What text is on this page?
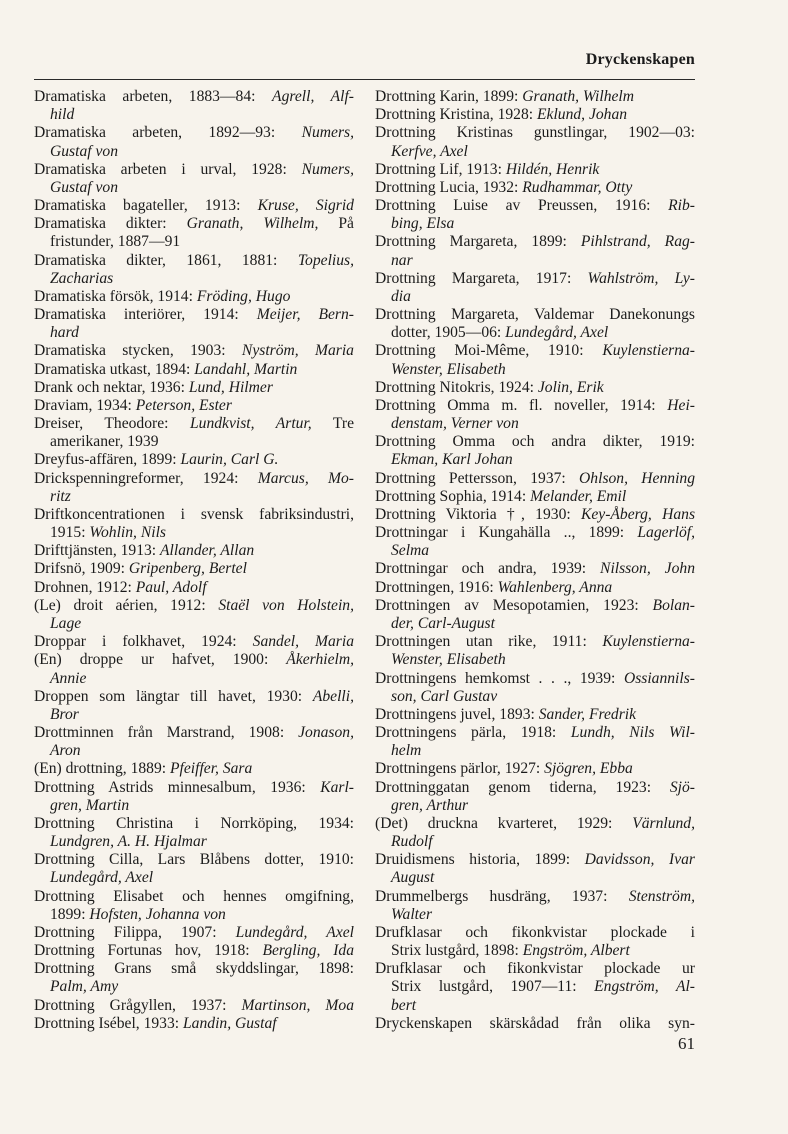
Dryckenskapen
Dramatiska arbeten, 1883—84: Agrell, Alf-
hild
Dramatiska arbeten, 1892—93: Numers,
Gustaf von
Dramatiska arbeten i urval, 1928: Numers,
Gustaf von
Dramatiska bagateller, 1913: Kruse, Sigrid
Dramatiska dikter: Granath, Wilhelm, På
fristunder, 1887—91
Dramatiska dikter, 1861, 1881: Topelius,
Zacharias
Dramatiska försök, 1914: Fröding, Hugo
Dramatiska interiörer, 1914: Meijer, Bern-
hard
Dramatiska stycken, 1903: Nyström, Maria
Dramatiska utkast, 1894: Landahl, Martin
Drank och nektar, 1936: Lund, Hilmer
Draviam, 1934: Peterson, Ester
Dreiser, Theodore: Lundkvist, Artur, Tre
amerikaner, 1939
Dreyfus-affären, 1899: Laurin, Carl G.
Drickspenningreformer, 1924: Marcus, Mo-
ritz
Driftkoncentrationen i svensk fabriksindustri,
1915: Wohlin, Nils
Drifttjänsten, 1913: Allander, Allan
Drifsnö, 1909: Gripenberg, Bertel
Drohnen, 1912: Paul, Adolf
(Le) droit aérien, 1912: Staël von Holstein,
Lage
Droppar i folkhavet, 1924: Sandel, Maria
(En) droppe ur hafvet, 1900: Åkerhielm,
Annie
Droppen som längtar till havet, 1930: Abelli,
Bror
Drottminnen från Marstrand, 1908: Jonason,
Aron
(En) drottning, 1889: Pfeiffer, Sara
Drottning Astrids minnesalbum, 1936: Karl-
gren, Martin
Drottning Christina i Norrköping, 1934:
Lundgren, A. H. Hjalmar
Drottning Cilla, Lars Blåbens dotter, 1910:
Lundegård, Axel
Drottning Elisabet och hennes omgifning,
1899: Hofsten, Johanna von
Drottning Filippa, 1907: Lundegård, Axel
Drottning Fortunas hov, 1918: Bergling, Ida
Drottning Grans små skyddslingar, 1898:
Palm, Amy
Drottning Grågyllen, 1937: Martinson, Moa
Drottning Isébel, 1933: Landin, Gustaf
Drottning Karin, 1899: Granath, Wilhelm
Drottning Kristina, 1928: Eklund, Johan
Drottning Kristinas gunstlingar, 1902—03:
Kerfve, Axel
Drottning Lif, 1913: Hildén, Henrik
Drottning Lucia, 1932: Rudhammar, Otty
Drottning Luise av Preussen, 1916: Rib-
bing, Elsa
Drottning Margareta, 1899: Pihlstrand, Rag-
nar
Drottning Margareta, 1917: Wahlström, Ly-
dia
Drottning Margareta, Valdemar Danekonungs
dotter, 1905—06: Lundegård, Axel
Drottning Moi-Même, 1910: Kuylenstierna-
Wenster, Elisabeth
Drottning Nitokris, 1924: Jolin, Erik
Drottning Omma m. fl. noveller, 1914: Hei-
denstam, Verner von
Drottning Omma och andra dikter, 1919:
Ekman, Karl Johan
Drottning Pettersson, 1937: Ohlson, Henning
Drottning Sophia, 1914: Melander, Emil
Drottning Viktoria †, 1930: Key-Åberg, Hans
Drottningar i Kungahälla .., 1899: Lagerlöf,
Selma
Drottningar och andra, 1939: Nilsson, John
Drottningen, 1916: Wahlenberg, Anna
Drottningen av Mesopotamien, 1923: Bolan-
der, Carl-August
Drottningen utan rike, 1911: Kuylenstierna-
Wenster, Elisabeth
Drottningens hemkomst . . ., 1939: Ossiannils-
son, Carl Gustav
Drottningens juvel, 1893: Sander, Fredrik
Drottningens pärla, 1918: Lundh, Nils Wil-
helm
Drottningens pärlor, 1927: Sjögren, Ebba
Drottninggatan genom tiderna, 1923: Sjö-
gren, Arthur
(Det) druckna kvarteret, 1929: Värnlund,
Rudolf
Druidismens historia, 1899: Davidsson, Ivar
August
Drummelbergs husdräng, 1937: Stenström,
Walter
Drufklasar och fikonkvistar plockade i
Strix lustgård, 1898: Engström, Albert
Drufklasar och fikonkvistar plockade ur
Strix lustgård, 1907—11: Engström, Al-
bert
Dryckenskapen skärskådad från olika syn-
61
